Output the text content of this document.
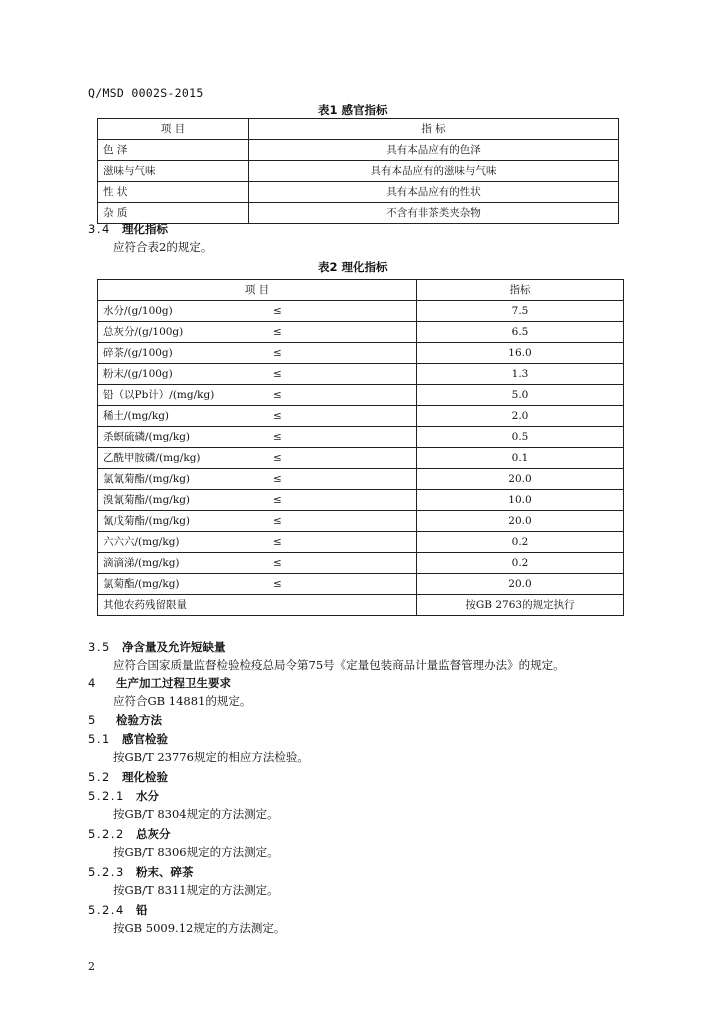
Q/MSD 0002S-2015
表1 感官指标
项 目	指 标
色 泽	具有本品应有的色泽
滋味与气味	具有本品应有的滋味与气味
性 状	具有本品应有的性状
杂 质	不含有非茶类夹杂物
3.4 理化指标
应符合表2的规定。
表2 理化指标
项 目		指标
水分/(g/100g)	≤	7.5
总灰分/(g/100g)	≤	6.5
碎茶/(g/100g)	≤	16.0
粉末/(g/100g)	≤	1.3
铅（以Pb计）/(mg/kg)	≤	5.0
稀土/(mg/kg)	≤	2.0
杀螟硫磷/(mg/kg)	≤	0.5
乙酰甲胺磷/(mg/kg)	≤	0.1
氯氰菊酯/(mg/kg)	≤	20.0
溴氰菊酯/(mg/kg)	≤	10.0
氰戊菊酯/(mg/kg)	≤	20.0
六六六/(mg/kg)	≤	0.2
滴滴涕/(mg/kg)	≤	0.2
氯菊酯/(mg/kg)	≤	20.0
其他农药残留限量		按GB 2763的规定执行
3.5 净含量及允许短缺量
应符合国家质量监督检验检疫总局令第75号《定量包装商品计量监督管理办法》的规定。
4 生产加工过程卫生要求
应符合GB 14881的规定。
5 检验方法
5.1 感官检验
按GB/T 23776规定的相应方法检验。
5.2 理化检验
5.2.1 水分
按GB/T 8304规定的方法测定。
5.2.2 总灰分
按GB/T 8306规定的方法测定。
5.2.3 粉末、碎茶
按GB/T 8311规定的方法测定。
5.2.4 铅
按GB 5009.12规定的方法测定。
2
